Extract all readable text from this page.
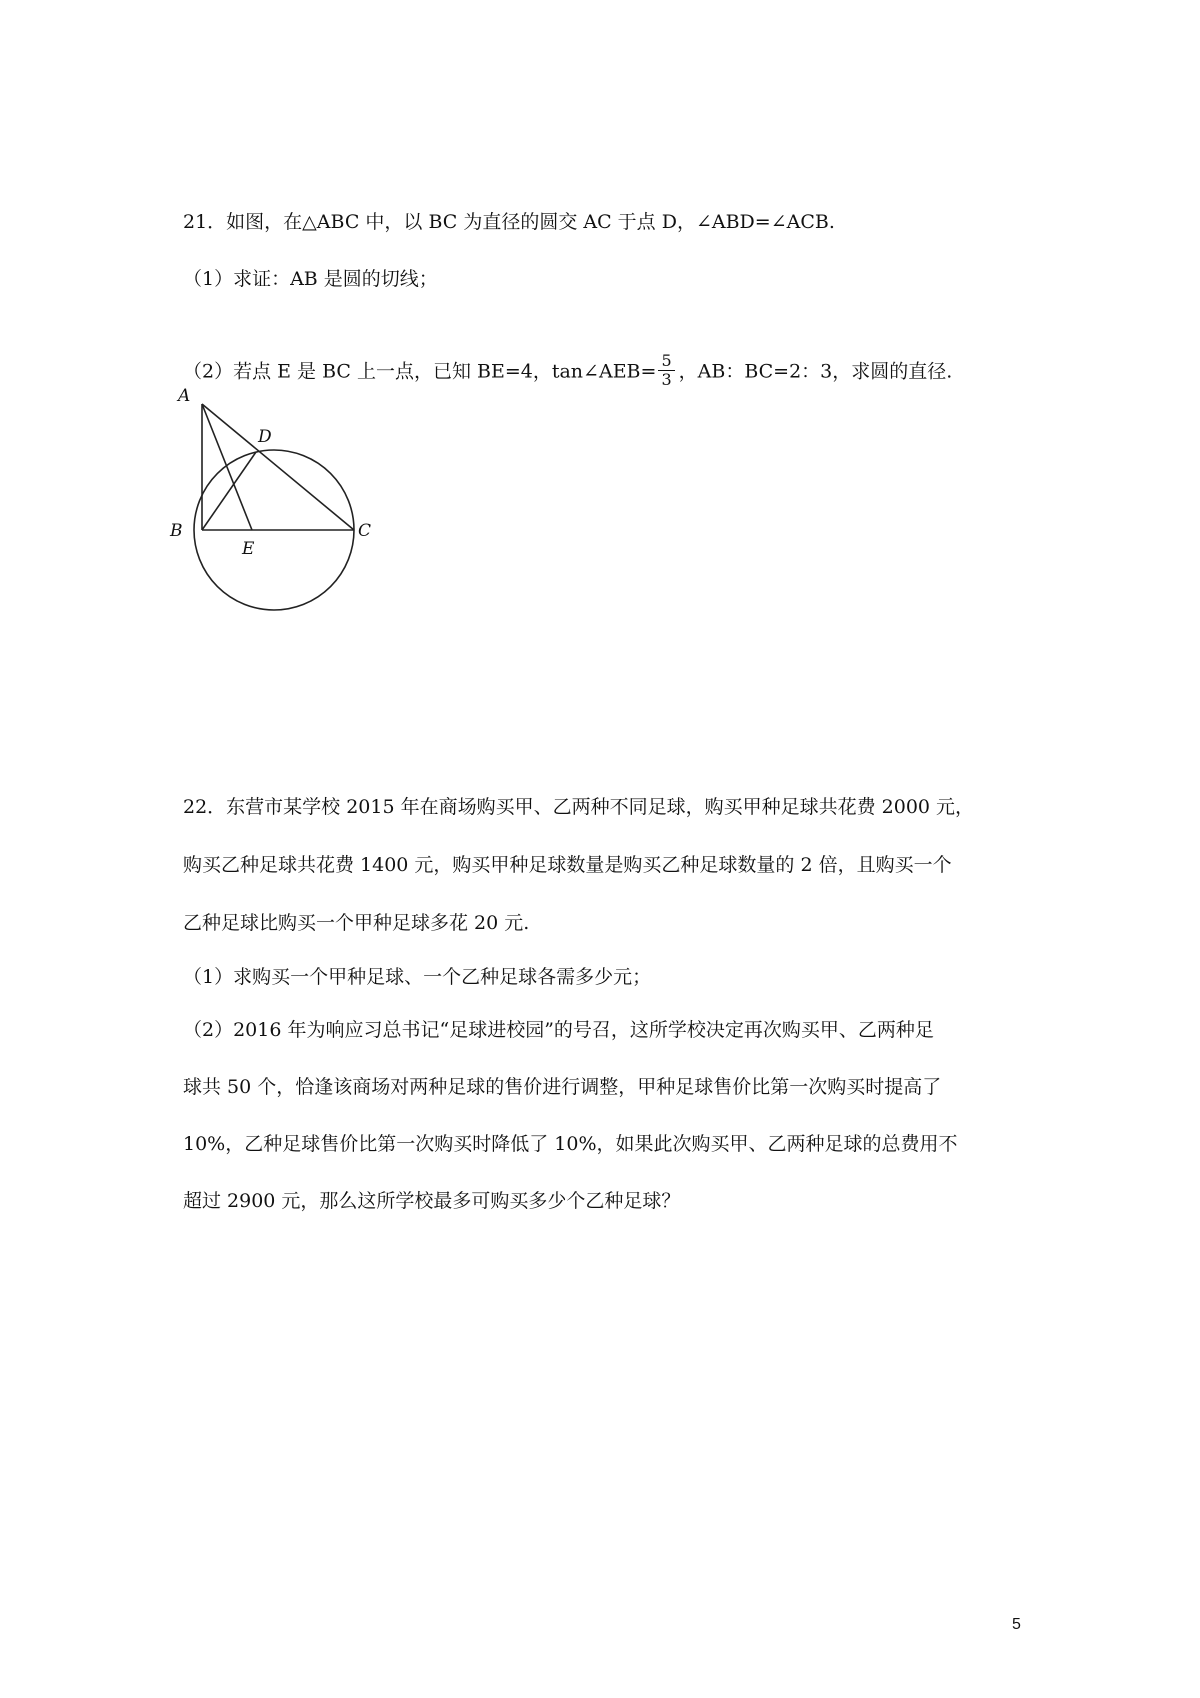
21．如图，在△ABC 中，以 BC 为直径的圆交 AC 于点 D，∠ABD=∠ACB.
（1）求证：AB 是圆的切线；
（2）若点 E 是 BC 上一点，已知 BE=4，tan∠AEB= $\frac{5}{3}$ ，AB：BC=2：3，求圆的直径.
A
D
B	C
E
22．东营市某学校 2015 年在商场购买甲、乙两种不同足球，购买甲种足球共花费 2000 元，
购买乙种足球共花费 1400 元，购买甲种足球数量是购买乙种足球数量的 2 倍，且购买一个
乙种足球比购买一个甲种足球多花 20 元.
（1）求购买一个甲种足球、一个乙种足球各需多少元；
（2）2016 年为响应习总书记“足球进校园”的号召，这所学校决定再次购买甲、乙两种足
球共 50 个，恰逢该商场对两种足球的售价进行调整，甲种足球售价比第一次购买时提高了
10%，乙种足球售价比第一次购买时降低了 10%，如果此次购买甲、乙两种足球的总费用不
超过 2900 元，那么这所学校最多可购买多少个乙种足球？
5
